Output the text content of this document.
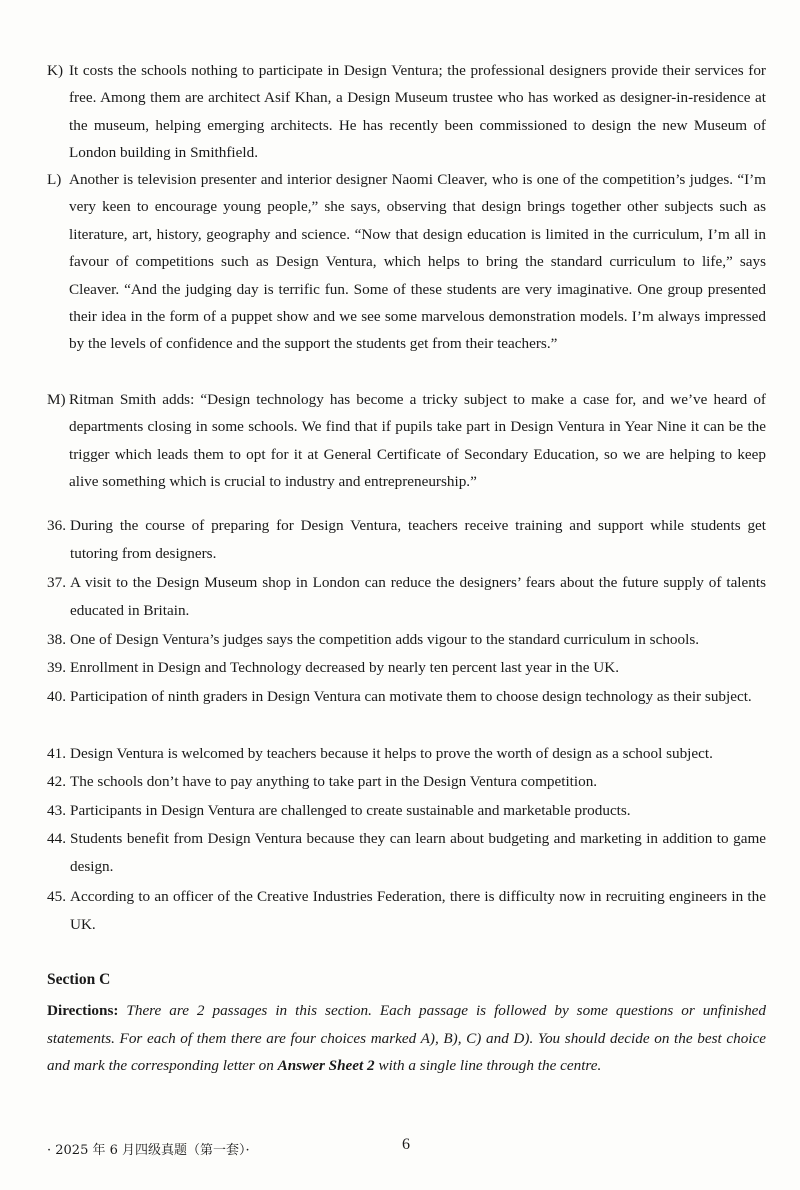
K) It costs the schools nothing to participate in Design Ventura; the professional designers provide their services for free. Among them are architect Asif Khan, a Design Museum trustee who has worked as designer-in-residence at the museum, helping emerging architects. He has recently been commissioned to design the new Museum of London building in Smithfield.
L) Another is television presenter and interior designer Naomi Cleaver, who is one of the competition’s judges. “I’m very keen to encourage young people,” she says, observing that design brings together other subjects such as literature, art, history, geography and science. “Now that design education is limited in the curriculum, I’m all in favour of competitions such as Design Ventura, which helps to bring the standard curriculum to life,” says Cleaver. “And the judging day is terrific fun. Some of these students are very imaginative. One group presented their idea in the form of a puppet show and we see some marvelous demonstration models. I’m always impressed by the levels of confidence and the support the students get from their teachers.”
M) Ritman Smith adds: “Design technology has become a tricky subject to make a case for, and we’ve heard of departments closing in some schools. We find that if pupils take part in Design Ventura in Year Nine it can be the trigger which leads them to opt for it at General Certificate of Secondary Education, so we are helping to keep alive something which is crucial to industry and entrepreneurship.”
36. During the course of preparing for Design Ventura, teachers receive training and support while students get tutoring from designers.
37. A visit to the Design Museum shop in London can reduce the designers’ fears about the future supply of talents educated in Britain.
38. One of Design Ventura’s judges says the competition adds vigour to the standard curriculum in schools.
39. Enrollment in Design and Technology decreased by nearly ten percent last year in the UK.
40. Participation of ninth graders in Design Ventura can motivate them to choose design technology as their subject.
41. Design Ventura is welcomed by teachers because it helps to prove the worth of design as a school subject.
42. The schools don’t have to pay anything to take part in the Design Ventura competition.
43. Participants in Design Ventura are challenged to create sustainable and marketable products.
44. Students benefit from Design Ventura because they can learn about budgeting and marketing in addition to game design.
45. According to an officer of the Creative Industries Federation, there is difficulty now in recruiting engineers in the UK.
Section C
Directions: There are 2 passages in this section. Each passage is followed by some questions or unfinished statements. For each of them there are four choices marked A), B), C) and D). You should decide on the best choice and mark the corresponding letter on Answer Sheet 2 with a single line through the centre.
· 2025 年 6 月四级真题（第一套）·	6
